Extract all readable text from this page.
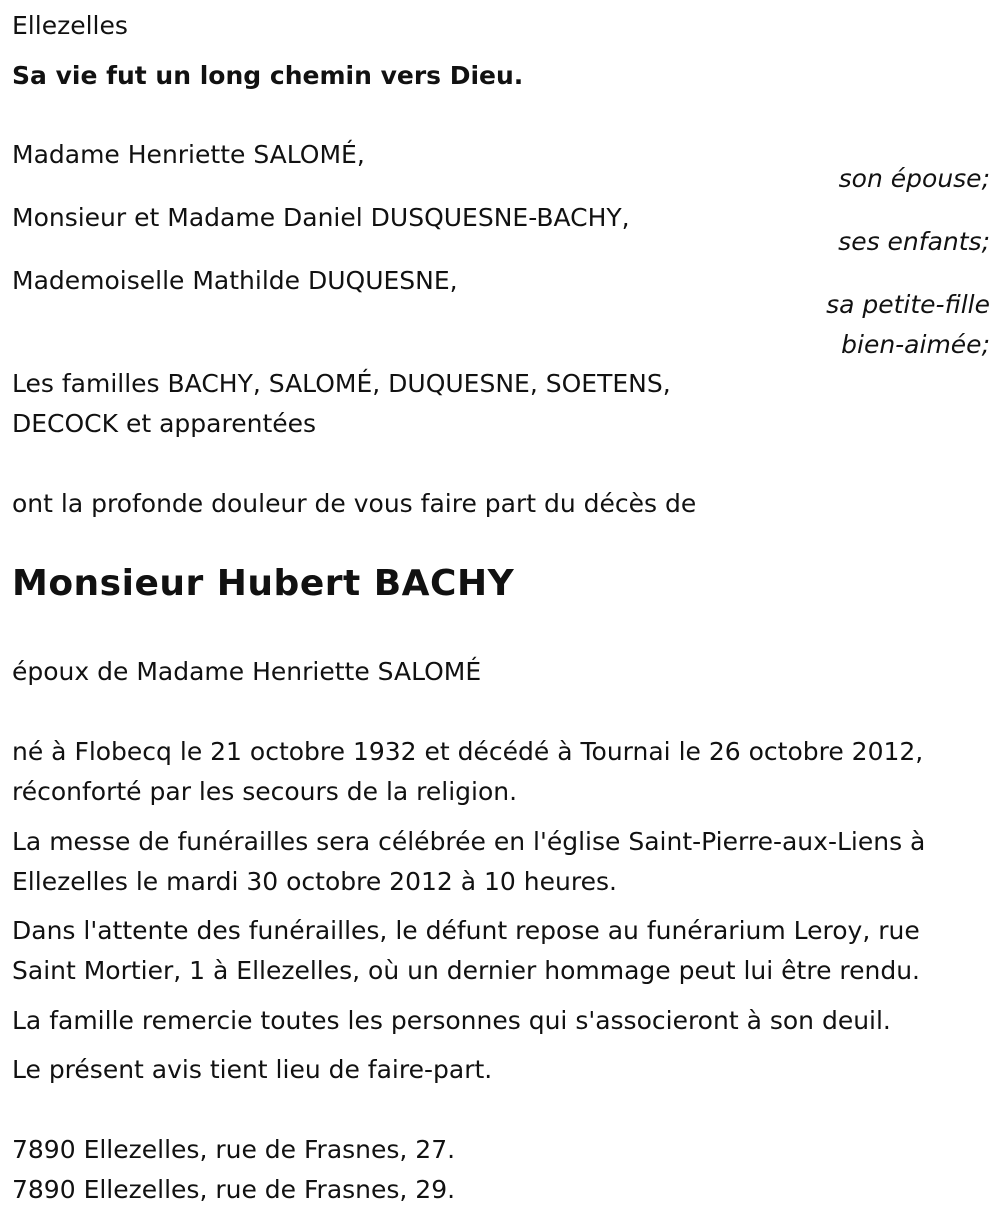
Ellezelles
Sa vie fut un long chemin vers Dieu.
Madame Henriette SALOMÉ,
son épouse;
Monsieur et Madame Daniel DUSQUESNE-BACHY,
ses enfants;
Mademoiselle Mathilde DUQUESNE,
sa petite-fille
bien-aimée;
Les familles BACHY, SALOMÉ, DUQUESNE, SOETENS,
DECOCK et apparentées
ont la profonde douleur de vous faire part du décès de
Monsieur Hubert BACHY
époux de Madame Henriette SALOMÉ
né à Flobecq le 21 octobre 1932 et décédé à Tournai le 26 octobre 2012,
réconforté par les secours de la religion.
La messe de funérailles sera célébrée en l'église Saint-Pierre-aux-Liens à
Ellezelles le mardi 30 octobre 2012 à 10 heures.
Dans l'attente des funérailles, le défunt repose au funérarium Leroy, rue
Saint Mortier, 1 à Ellezelles, où un dernier hommage peut lui être rendu.
La famille remercie toutes les personnes qui s'associeront à son deuil.
Le présent avis tient lieu de faire-part.
7890 Ellezelles, rue de Frasnes, 27.
7890 Ellezelles, rue de Frasnes, 29.
